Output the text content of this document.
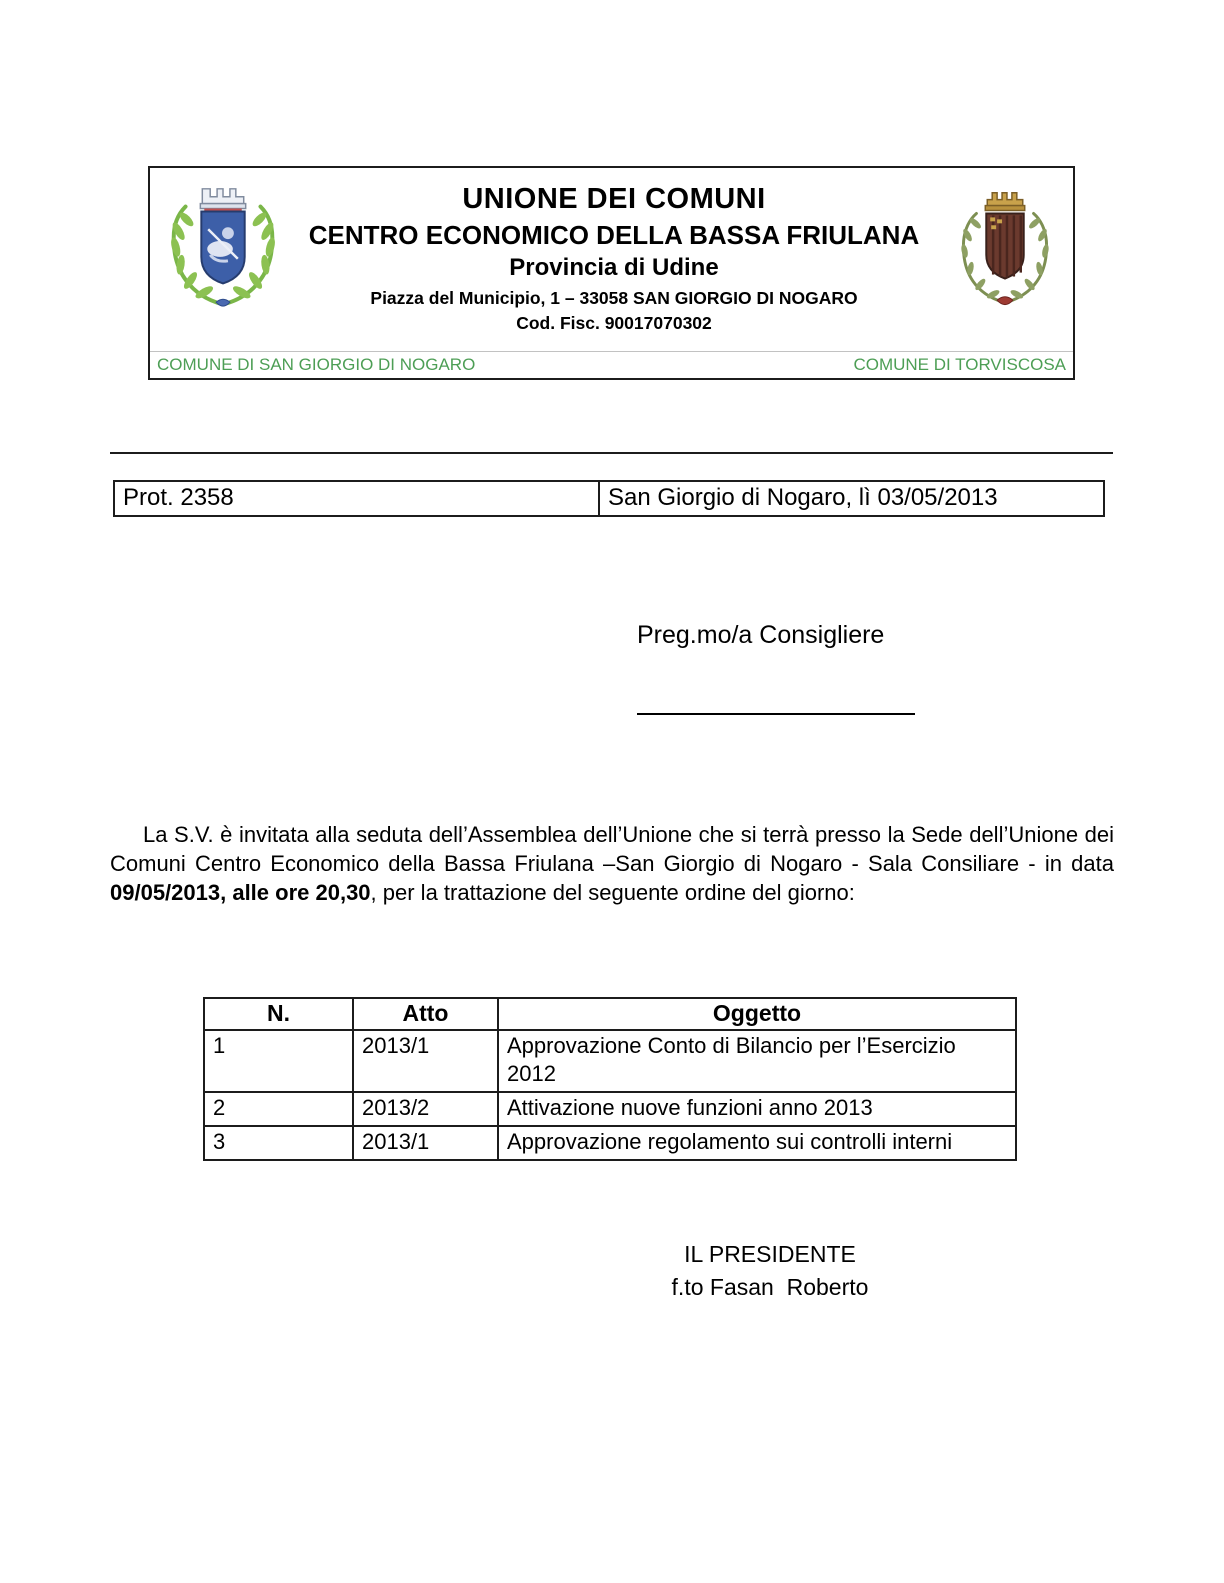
UNIONE DEI COMUNI
CENTRO ECONOMICO DELLA BASSA FRIULANA
Provincia di Udine
Piazza del Municipio, 1 – 33058 SAN GIORGIO DI NOGARO
Cod. Fisc. 90017070302
COMUNE DI SAN GIORGIO DI NOGARO	COMUNE DI TORVISCOSA
Prot. 2358	San Giorgio di Nogaro, lì 03/05/2013
Preg.mo/a Consigliere

La S.V. è invitata alla seduta dell’Assemblea dell’Unione che si terrà presso la Sede dell’Unione dei Comuni Centro Economico della Bassa Friulana –San Giorgio di Nogaro - Sala Consiliare - in data 09/05/2013, alle ore 20,30, per la trattazione del seguente ordine del giorno:

N.	Atto	Oggetto
1	2013/1	Approvazione Conto di Bilancio per l’Esercizio 2012
2	2013/2	Attivazione nuove funzioni anno 2013
3	2013/1	Approvazione regolamento sui controlli interni
IL PRESIDENTE
f.to Fasan  Roberto
